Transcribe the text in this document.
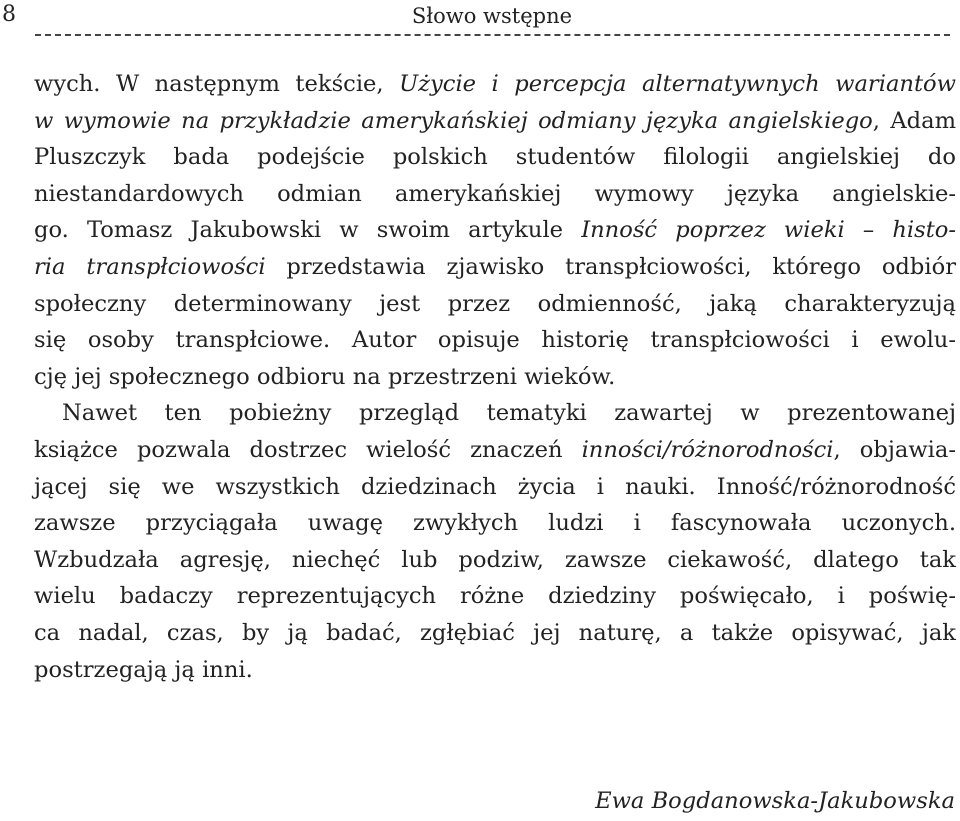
8	Słowo wstępne
wych. W następnym tekście, Użycie i percepcja alternatywnych wariantów
w wymowie na przykładzie amerykańskiej odmiany języka angielskiego, Adam
Pluszczyk bada podejście polskich studentów filologii angielskiej do
niestandardowych odmian amerykańskiej wymowy języka angielskie-
go. Tomasz Jakubowski w swoim artykule Inność poprzez wieki – histo-
ria transpłciowości przedstawia zjawisko transpłciowości, którego odbiór
społeczny determinowany jest przez odmienność, jaką charakteryzują
się osoby transpłciowe. Autor opisuje historię transpłciowości i ewolu-
cję jej społecznego odbioru na przestrzeni wieków.
Nawet ten pobieżny przegląd tematyki zawartej w prezentowanej
książce pozwala dostrzec wielość znaczeń inności/różnorodności, objawia-
jącej się we wszystkich dziedzinach życia i nauki. Inność/różnorodność
zawsze przyciągała uwagę zwykłych ludzi i fascynowała uczonych.
Wzbudzała agresję, niechęć lub podziw, zawsze ciekawość, dlatego tak
wielu badaczy reprezentujących różne dziedziny poświęcało, i poświę-
ca nadal, czas, by ją badać, zgłębiać jej naturę, a także opisywać, jak
postrzegają ją inni.
Ewa Bogdanowska-Jakubowska
